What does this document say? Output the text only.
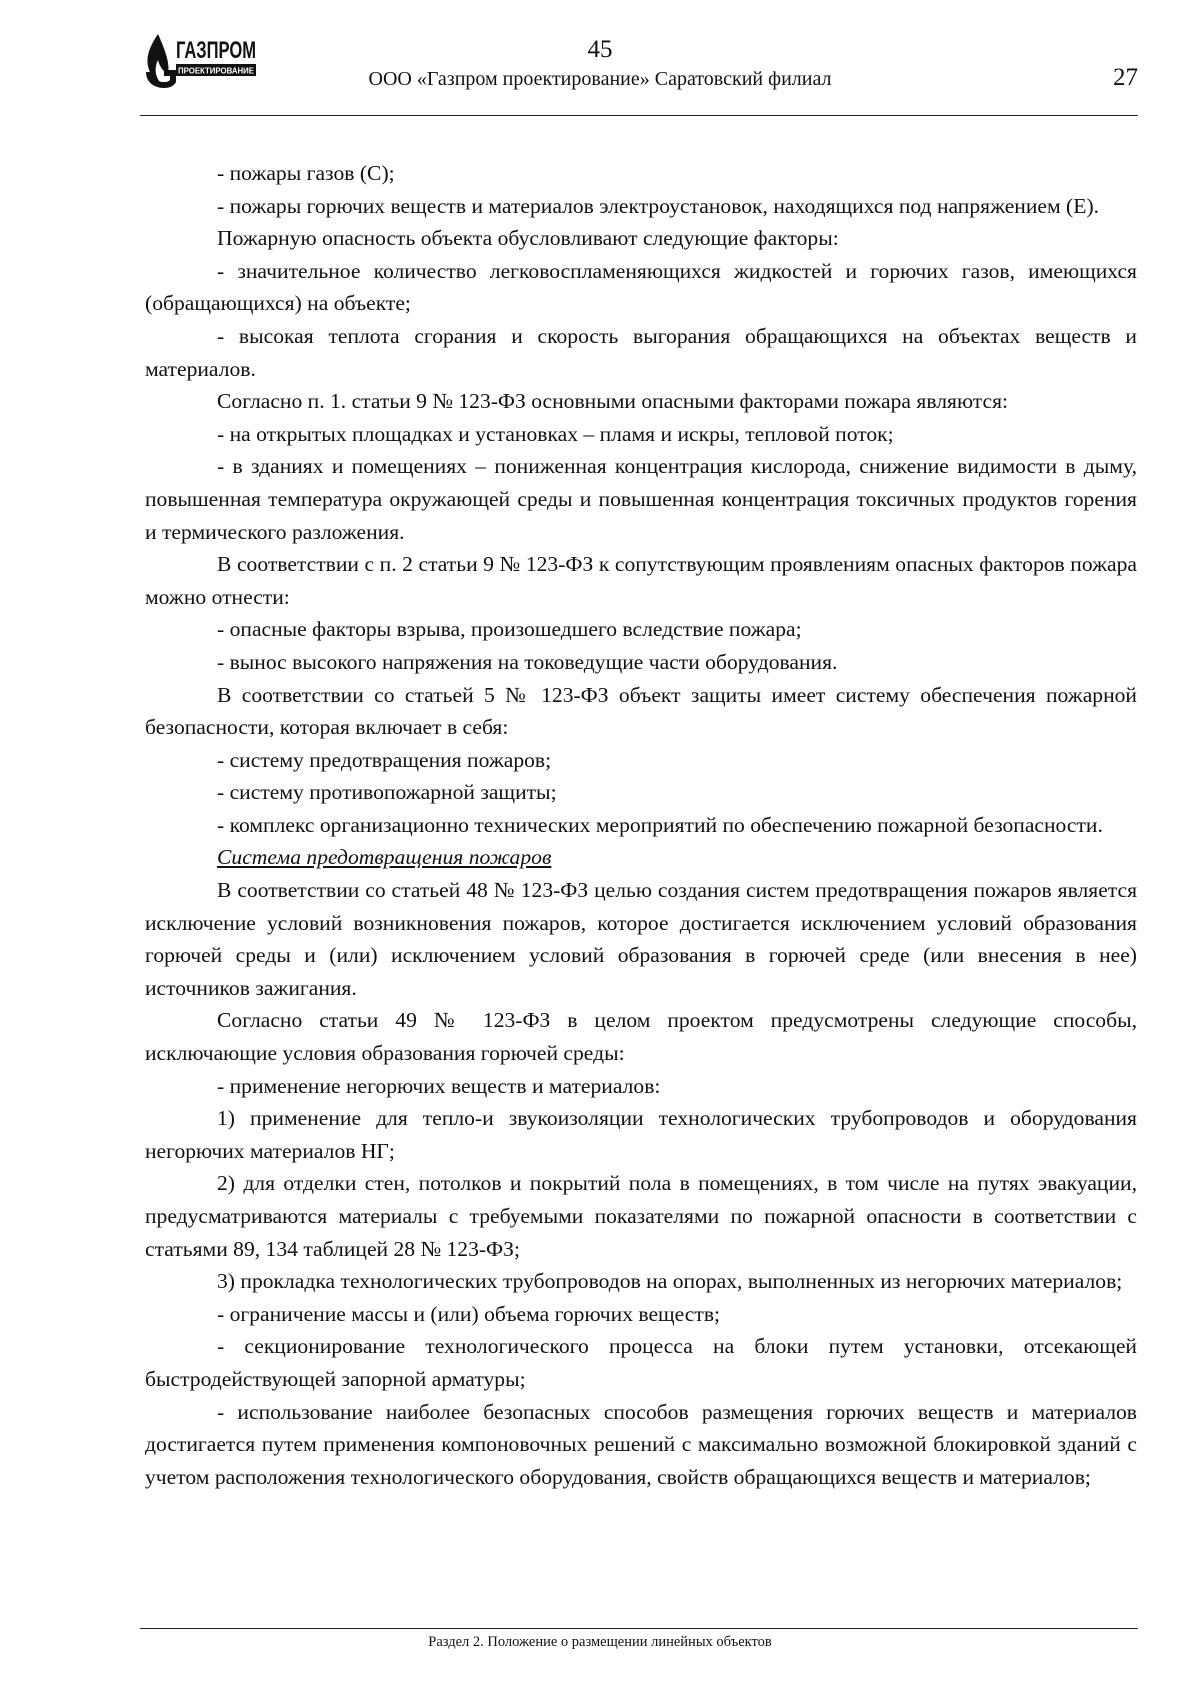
ГАЗПРОМ
ПРОЕКТИРОВАНИЕ
45
ООО «Газпром проектирование» Саратовский филиал	27

- пожары газов (C);

- пожары горючих веществ и материалов электроустановок, находящихся под напряжением (E).

Пожарную опасность объекта обусловливают следующие факторы:

- значительное количество легковоспламеняющихся жидкостей и горючих газов, имеющихся (обращающихся) на объекте;

- высокая теплота сгорания и скорость выгорания обращающихся на объектах веществ и материалов.

Согласно п. 1. статьи 9 № 123-ФЗ основными опасными факторами пожара являются:

- на открытых площадках и установках – пламя и искры, тепловой поток;

- в зданиях и помещениях – пониженная концентрация кислорода, снижение видимости в дыму, повышенная температура окружающей среды и повышенная концентрация токсичных продуктов горения и термического разложения.

В соответствии с п. 2 статьи 9 № 123-ФЗ к сопутствующим проявлениям опасных факторов пожара можно отнести:

- опасные факторы взрыва, произошедшего вследствие пожара;

- вынос высокого напряжения на токоведущие части оборудования.

В соответствии со статьей 5 № 123-ФЗ объект защиты имеет систему обеспечения пожарной безопасности, которая включает в себя:

- систему предотвращения пожаров;

- систему противопожарной защиты;

- комплекс организационно технических мероприятий по обеспечению пожарной безопасности.

Система предотвращения пожаров

В соответствии со статьей 48 № 123-ФЗ целью создания систем предотвращения пожаров является исключение условий возникновения пожаров, которое достигается исключением условий образования горючей среды и (или) исключением условий образования в горючей среде (или внесения в нее) источников зажигания.

Согласно статьи 49 № 123-ФЗ в целом проектом предусмотрены следующие способы, исключающие условия образования горючей среды:

- применение негорючих веществ и материалов:

1) применение для тепло-и звукоизоляции технологических трубопроводов и оборудования негорючих материалов НГ;

2) для отделки стен, потолков и покрытий пола в помещениях, в том числе на путях эвакуации, предусматриваются материалы с требуемыми показателями по пожарной опасности в соответствии с статьями 89, 134 таблицей 28 № 123-ФЗ;

3) прокладка технологических трубопроводов на опорах, выполненных из негорючих материалов;

- ограничение массы и (или) объема горючих веществ;

- секционирование технологического процесса на блоки путем установки, отсекающей быстродействующей запорной арматуры;

- использование наиболее безопасных способов размещения горючих веществ и материалов достигается путем применения компоновочных решений с максимально возможной блокировкой зданий с учетом расположения технологического оборудования, свойств обращающихся веществ и материалов;

Раздел 2. Положение о размещении линейных объектов
